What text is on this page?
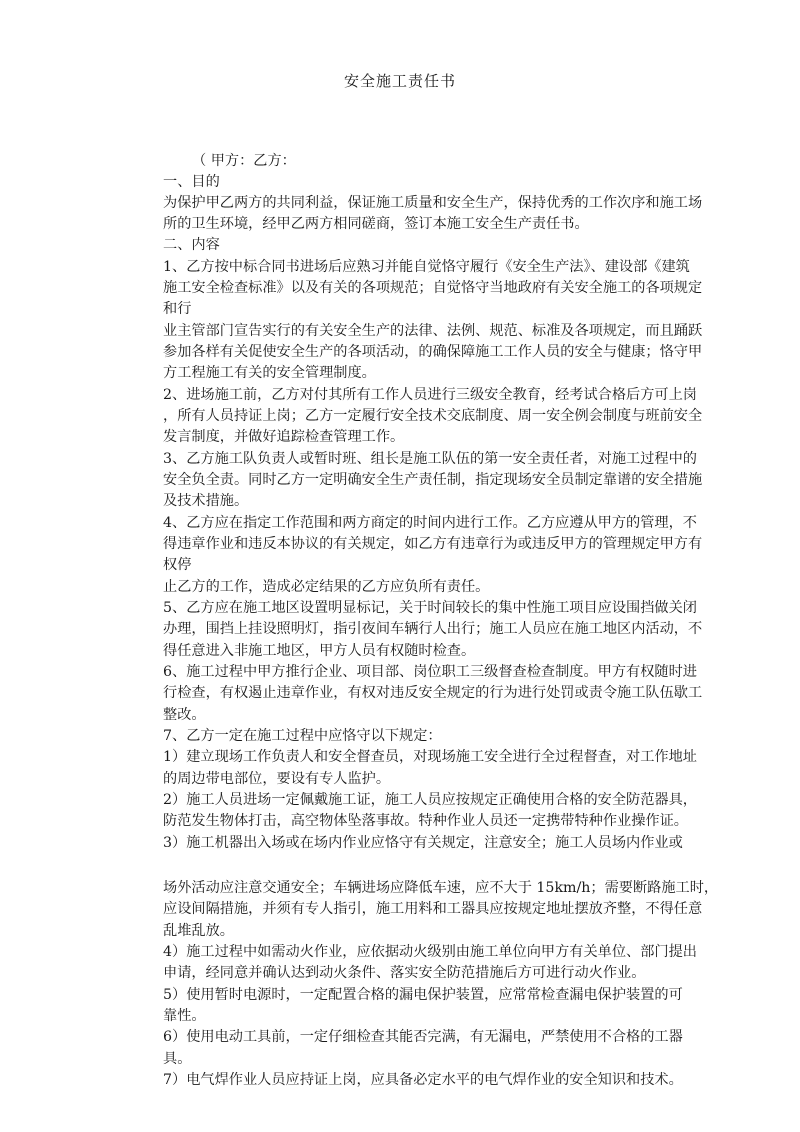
安全施工责任书
（ 甲方：乙方：
一、目的
为保护甲乙两方的共同利益，保证施工质量和安全生产，保持优秀的工作次序和施工场
所的卫生环境，经甲乙两方相同磋商，签订本施工安全生产责任书。
二、内容
1、乙方按中标合同书进场后应熟习并能自觉恪守履行《安全生产法》、建设部《建筑
施工安全检查标准》以及有关的各项规范；自觉恪守当地政府有关安全施工的各项规定
和行
业主管部门宣告实行的有关安全生产的法律、法例、规范、标准及各项规定，而且踊跃
参加各样有关促使安全生产的各项活动，的确保障施工工作人员的安全与健康；恪守甲
方工程施工有关的安全管理制度。
2、进场施工前，乙方对付其所有工作人员进行三级安全教育，经考试合格后方可上岗
，所有人员持证上岗；乙方一定履行安全技术交底制度、周一安全例会制度与班前安全
发言制度，并做好追踪检查管理工作。
3、乙方施工队负责人或暂时班、组长是施工队伍的第一安全责任者，对施工过程中的
安全负全责。同时乙方一定明确安全生产责任制，指定现场安全员制定靠谱的安全措施
及技术措施。
4、乙方应在指定工作范围和两方商定的时间内进行工作。乙方应遵从甲方的管理，不
得违章作业和违反本协议的有关规定，如乙方有违章行为或违反甲方的管理规定甲方有
权停
止乙方的工作，造成必定结果的乙方应负所有责任。
5、乙方应在施工地区设置明显标记，关于时间较长的集中性施工项目应设围挡做关闭
办理，围挡上挂设照明灯，指引夜间车辆行人出行；施工人员应在施工地区内活动，不
得任意进入非施工地区，甲方人员有权随时检查。
6、施工过程中甲方推行企业、项目部、岗位职工三级督查检查制度。甲方有权随时进
行检查，有权遏止违章作业，有权对违反安全规定的行为进行处罚或责令施工队伍歇工
整改。
7、乙方一定在施工过程中应恪守以下规定：
1）建立现场工作负责人和安全督查员，对现场施工安全进行全过程督查，对工作地址
的周边带电部位，要设有专人监护。
2）施工人员进场一定佩戴施工证，施工人员应按规定正确使用合格的安全防范器具，
防范发生物体打击，高空物体坠落事故。特种作业人员还一定携带特种作业操作证。
3）施工机器出入场或在场内作业应恪守有关规定，注意安全；施工人员场内作业或
场外活动应注意交通安全；车辆进场应降低车速，应不大于 15km/h；需要断路施工时，
应设间隔措施，并须有专人指引，施工用料和工器具应按规定地址摆放齐整，不得任意
乱堆乱放。
4）施工过程中如需动火作业，应依据动火级别由施工单位向甲方有关单位、部门提出
申请，经同意并确认达到动火条件、落实安全防范措施后方可进行动火作业。
5）使用暂时电源时，一定配置合格的漏电保护装置，应常常检查漏电保护装置的可
靠性。
6）使用电动工具前，一定仔细检查其能否完满，有无漏电，严禁使用不合格的工器
具。
7）电气焊作业人员应持证上岗，应具备必定水平的电气焊作业的安全知识和技术。
